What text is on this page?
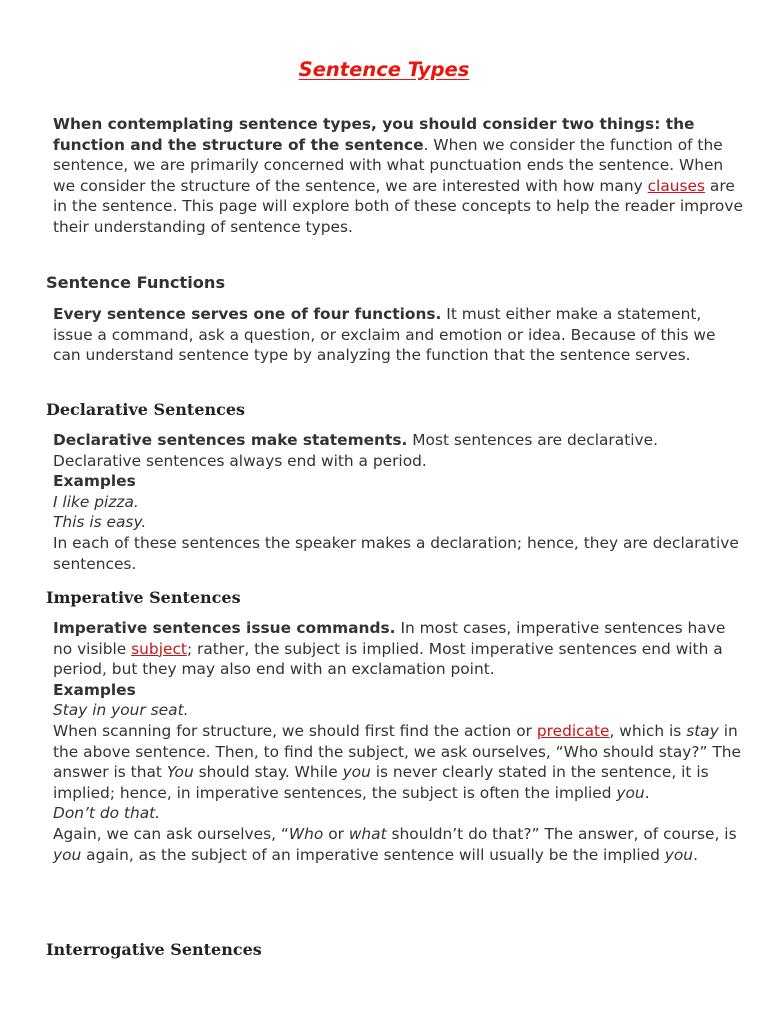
Sentence Types
When contemplating sentence types, you should consider two things: the function and the structure of the sentence. When we consider the function of the sentence, we are primarily concerned with what punctuation ends the sentence. When we consider the structure of the sentence, we are interested with how many clauses are in the sentence. This page will explore both of these concepts to help the reader improve their understanding of sentence types.
Sentence Functions
Every sentence serves one of four functions. It must either make a statement, issue a command, ask a question, or exclaim and emotion or idea. Because of this we can understand sentence type by analyzing the function that the sentence serves.
Declarative Sentences
Declarative sentences make statements. Most sentences are declarative. Declarative sentences always end with a period.
Examples
I like pizza.
This is easy.
In each of these sentences the speaker makes a declaration; hence, they are declarative sentences.
Imperative Sentences
Imperative sentences issue commands. In most cases, imperative sentences have no visible subject; rather, the subject is implied. Most imperative sentences end with a period, but they may also end with an exclamation point.
Examples
Stay in your seat.
When scanning for structure, we should first find the action or predicate, which is stay in the above sentence. Then, to find the subject, we ask ourselves, “Who should stay?” The answer is that You should stay. While you is never clearly stated in the sentence, it is implied; hence, in imperative sentences, the subject is often the implied you.
Don’t do that.
Again, we can ask ourselves, “Who or what shouldn’t do that?” The answer, of course, is you again, as the subject of an imperative sentence will usually be the implied you.
Interrogative Sentences
